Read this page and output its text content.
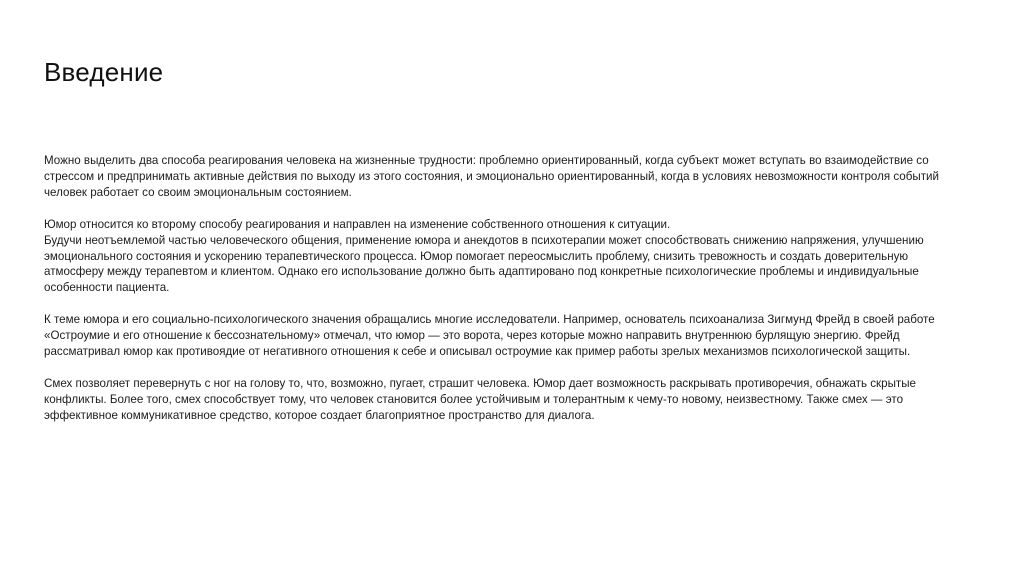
Введение

Можно выделить два способа реагирования человека на жизненные трудности: проблемно ориентированный, когда субъект может вступать во взаимодействие со
стрессом и предпринимать активные действия по выходу из этого состояния, и эмоционально ориентированный, когда в условиях невозможности контроля событий
человек работает со своим эмоциональным состоянием.

Юмор относится ко второму способу реагирования и направлен на изменение собственного отношения к ситуации.
Будучи неотъемлемой частью человеческого общения, применение юмора и анекдотов в психотерапии может способствовать снижению напряжения, улучшению
эмоционального состояния и ускорению терапевтического процесса. Юмор помогает переосмыслить проблему, снизить тревожность и создать доверительную
атмосферу между терапевтом и клиентом. Однако его использование должно быть адаптировано под конкретные психологические проблемы и индивидуальные
особенности пациента.

К теме юмора и его социально-психологического значения обращались многие исследователи. Например, основатель психоанализа Зигмунд Фрейд в своей работе
«Остроумие и его отношение к бессознательному» отмечал, что юмор — это ворота, через которые можно направить внутреннюю бурлящую энергию. Фрейд
рассматривал юмор как противоядие от негативного отношения к себе и описывал остроумие как пример работы зрелых механизмов психологической защиты.

Смех позволяет перевернуть с ног на голову то, что, возможно, пугает, страшит человека. Юмор дает возможность раскрывать противоречия, обнажать скрытые
конфликты. Более того, смех способствует тому, что человек становится более устойчивым и толерантным к чему-то новому, неизвестному. Также смех — это
эффективное коммуникативное средство, которое создает благоприятное пространство для диалога.
